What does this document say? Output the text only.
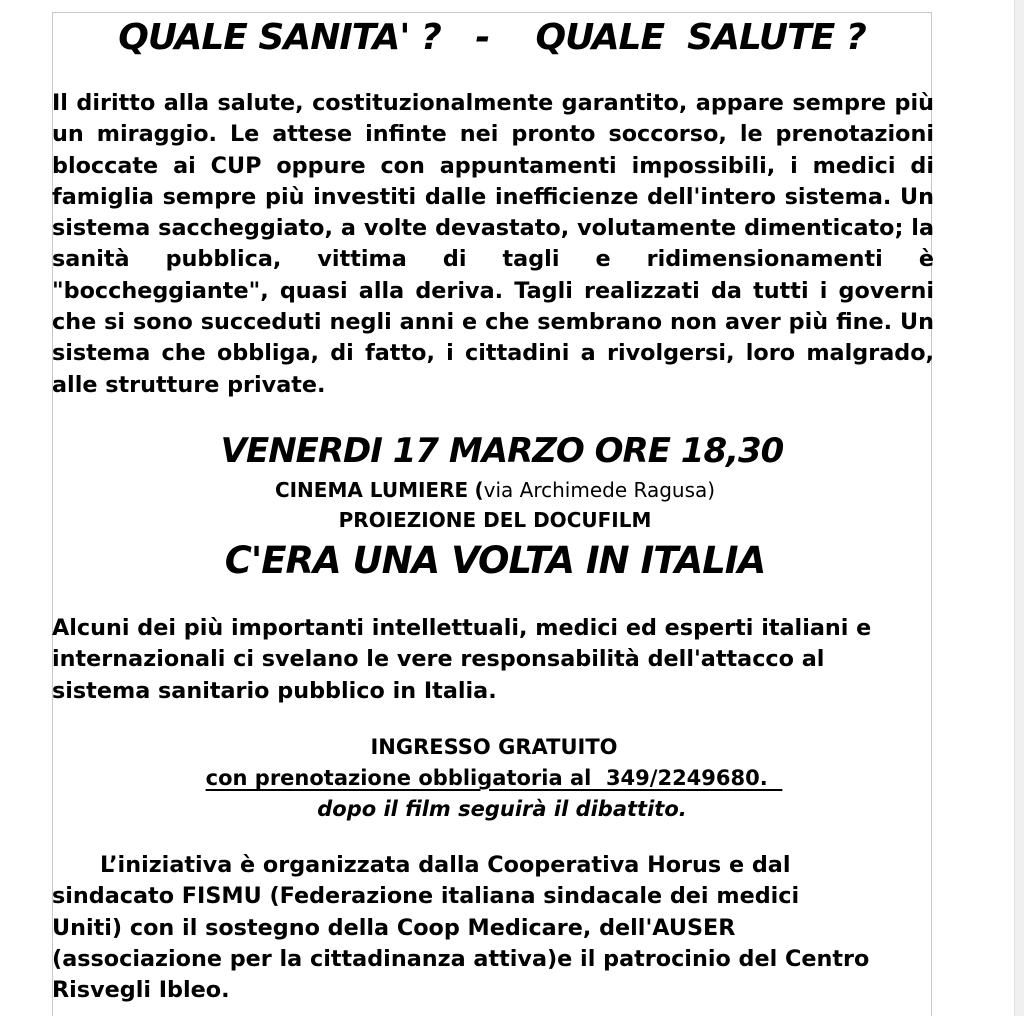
QUALE SANITA' ?   -    QUALE  SALUTE ?
Il diritto alla salute, costituzionalmente garantito, appare sempre più un miraggio. Le attese infinte nei pronto soccorso, le prenotazioni bloccate ai CUP oppure con appuntamenti impossibili, i medici di famiglia sempre più investiti dalle inefficienze dell'intero sistema. Un sistema saccheggiato, a volte devastato, volutamente dimenticato; la sanità pubblica, vittima di tagli e ridimensionamenti è "boccheggiante", quasi alla deriva. Tagli realizzati da tutti i governi che si sono succeduti negli anni e che sembrano non aver più fine. Un sistema che obbliga, di fatto, i cittadini a rivolgersi, loro malgrado, alle strutture private.
VENERDI 17 MARZO ORE 18,30
CINEMA LUMIERE (via Archimede Ragusa)
PROIEZIONE DEL DOCUFILM
C'ERA UNA VOLTA IN ITALIA
Alcuni dei più importanti intellettuali, medici ed esperti italiani e
internazionali ci svelano le vere responsabilità dell'attacco al
sistema sanitario pubblico in Italia.
INGRESSO GRATUITO
con prenotazione obbligatoria al  349/2249680.
dopo il film seguirà il dibattito.
L’iniziativa è organizzata dalla Cooperativa Horus e dal
sindacato FISMU (Federazione italiana sindacale dei medici
Uniti) con il sostegno della Coop Medicare, dell'AUSER
(associazione per la cittadinanza attiva)e il patrocinio del Centro
Risvegli Ibleo.
